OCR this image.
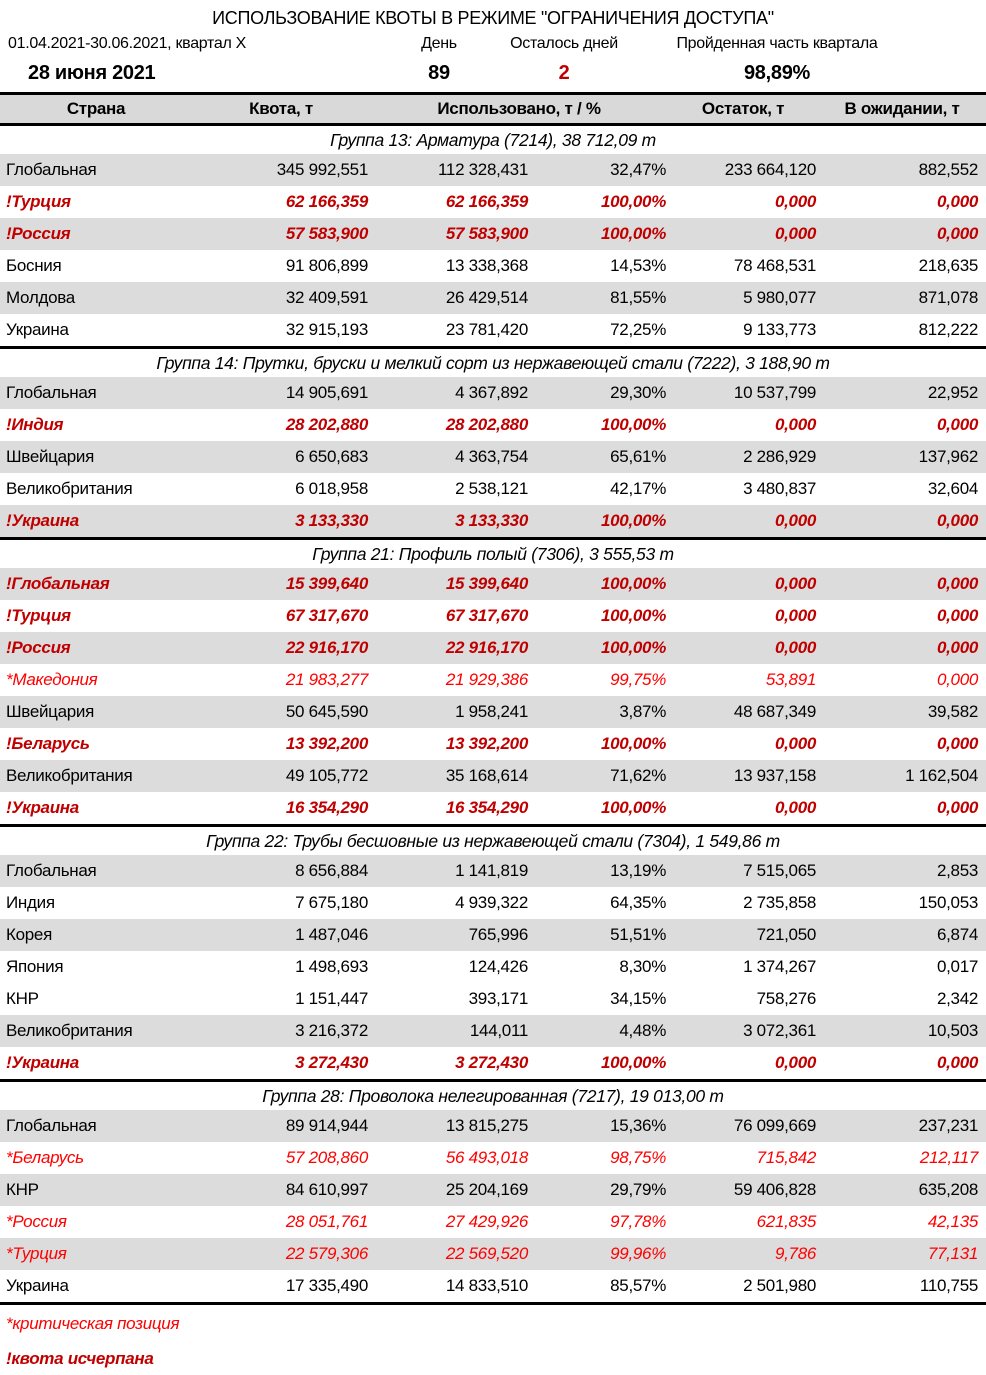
ИСПОЛЬЗОВАНИЕ КВОТЫ В РЕЖИМЕ "ОГРАНИЧЕНИЯ ДОСТУПА"
01.04.2021-30.06.2021, квартал X	День	Осталось дней	Пройденная часть квартала
28 июня 2021	89	2	98,89%
Страна	Квота, т	Использовано, т / %		Остаток, т	В ожидании, т
Группа 13: Арматура (7214), 38 712,09 т					
Глобальная	345 992,551	112 328,431	32,47%	233 664,120	882,552
!Турция	62 166,359	62 166,359	100,00%	0,000	0,000
!Россия	57 583,900	57 583,900	100,00%	0,000	0,000
Босния	91 806,899	13 338,368	14,53%	78 468,531	218,635
Молдова	32 409,591	26 429,514	81,55%	5 980,077	871,078
Украина	32 915,193	23 781,420	72,25%	9 133,773	812,222
Группа 14: Прутки, бруски и мелкий сорт из нержавеющей стали (7222), 3 188,90 т					
Глобальная	14 905,691	4 367,892	29,30%	10 537,799	22,952
!Индия	28 202,880	28 202,880	100,00%	0,000	0,000
Швейцария	6 650,683	4 363,754	65,61%	2 286,929	137,962
Великобритания	6 018,958	2 538,121	42,17%	3 480,837	32,604
!Украина	3 133,330	3 133,330	100,00%	0,000	0,000
Группа 21: Профиль полый (7306), 3 555,53 т					
!Глобальная	15 399,640	15 399,640	100,00%	0,000	0,000
!Турция	67 317,670	67 317,670	100,00%	0,000	0,000
!Россия	22 916,170	22 916,170	100,00%	0,000	0,000
*Македония	21 983,277	21 929,386	99,75%	53,891	0,000
Швейцария	50 645,590	1 958,241	3,87%	48 687,349	39,582
!Беларусь	13 392,200	13 392,200	100,00%	0,000	0,000
Великобритания	49 105,772	35 168,614	71,62%	13 937,158	1 162,504
!Украина	16 354,290	16 354,290	100,00%	0,000	0,000
Группа 22: Трубы бесшовные из нержавеющей стали (7304), 1 549,86 т					
Глобальная	8 656,884	1 141,819	13,19%	7 515,065	2,853
Индия	7 675,180	4 939,322	64,35%	2 735,858	150,053
Корея	1 487,046	765,996	51,51%	721,050	6,874
Япония	1 498,693	124,426	8,30%	1 374,267	0,017
КНР	1 151,447	393,171	34,15%	758,276	2,342
Великобритания	3 216,372	144,011	4,48%	3 072,361	10,503
!Украина	3 272,430	3 272,430	100,00%	0,000	0,000
Группа 28: Проволока нелегированная (7217), 19 013,00 т					
Глобальная	89 914,944	13 815,275	15,36%	76 099,669	237,231
*Беларусь	57 208,860	56 493,018	98,75%	715,842	212,117
КНР	84 610,997	25 204,169	29,79%	59 406,828	635,208
*Россия	28 051,761	27 429,926	97,78%	621,835	42,135
*Турция	22 579,306	22 569,520	99,96%	9,786	77,131
Украина	17 335,490	14 833,510	85,57%	2 501,980	110,755
*критическая позиция
!квота исчерпана
